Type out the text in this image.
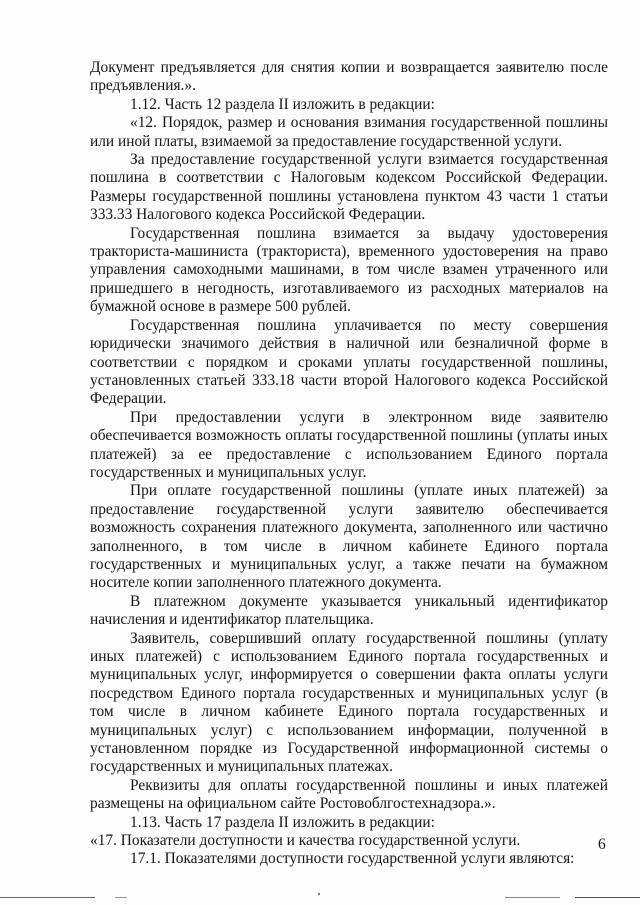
Документ предъявляется для снятия копии и возвращается заявителю после предъявления.».

1.12. Часть 12 раздела II изложить в редакции:

«12. Порядок, размер и основания взимания государственной пошлины или иной платы, взимаемой за предоставление государственной услуги.

За предоставление государственной услуги взимается государственная пошлина в соответствии с Налоговым кодексом Российской Федерации. Размеры государственной пошлины установлена пунктом 43 части 1 статьи 333.33 Налогового кодекса Российской Федерации.

Государственная пошлина взимается за выдачу удостоверения тракториста-машиниста (тракториста), временного удостоверения на право управления самоходными машинами, в том числе взамен утраченного или пришедшего в негодность, изготавливаемого из расходных материалов на бумажной основе в размере 500 рублей.

Государственная пошлина уплачивается по месту совершения юридически значимого действия в наличной или безналичной форме в соответствии с порядком и сроками уплаты государственной пошлины, установленных статьей 333.18 части второй Налогового кодекса Российской Федерации.

При предоставлении услуги в электронном виде заявителю обеспечивается возможность оплаты государственной пошлины (уплаты иных платежей) за ее предоставление с использованием Единого портала государственных и муниципальных услуг.

При оплате государственной пошлины (уплате иных платежей) за предоставление государственной услуги заявителю обеспечивается возможность сохранения платежного документа, заполненного или частично заполненного, в том числе в личном кабинете Единого портала государственных и муниципальных услуг, а также печати на бумажном носителе копии заполненного платежного документа.

В платежном документе указывается уникальный идентификатор начисления и идентификатор плательщика.

Заявитель, совершивший оплату государственной пошлины (уплату иных платежей) с использованием Единого портала государственных и муниципальных услуг, информируется о совершении факта оплаты услуги посредством Единого портала государственных и муниципальных услуг (в том числе в личном кабинете Единого портала государственных и муниципальных услуг) с использованием информации, полученной в установленном порядке из Государственной информационной системы о государственных и муниципальных платежах.

Реквизиты для оплаты государственной пошлины и иных платежей размещены на официальном сайте Ростовоблгостехнадзора.».

1.13. Часть 17 раздела II изложить в редакции:

«17. Показатели доступности и качества государственной услуги.

17.1. Показателями доступности государственной услуги являются:

6
